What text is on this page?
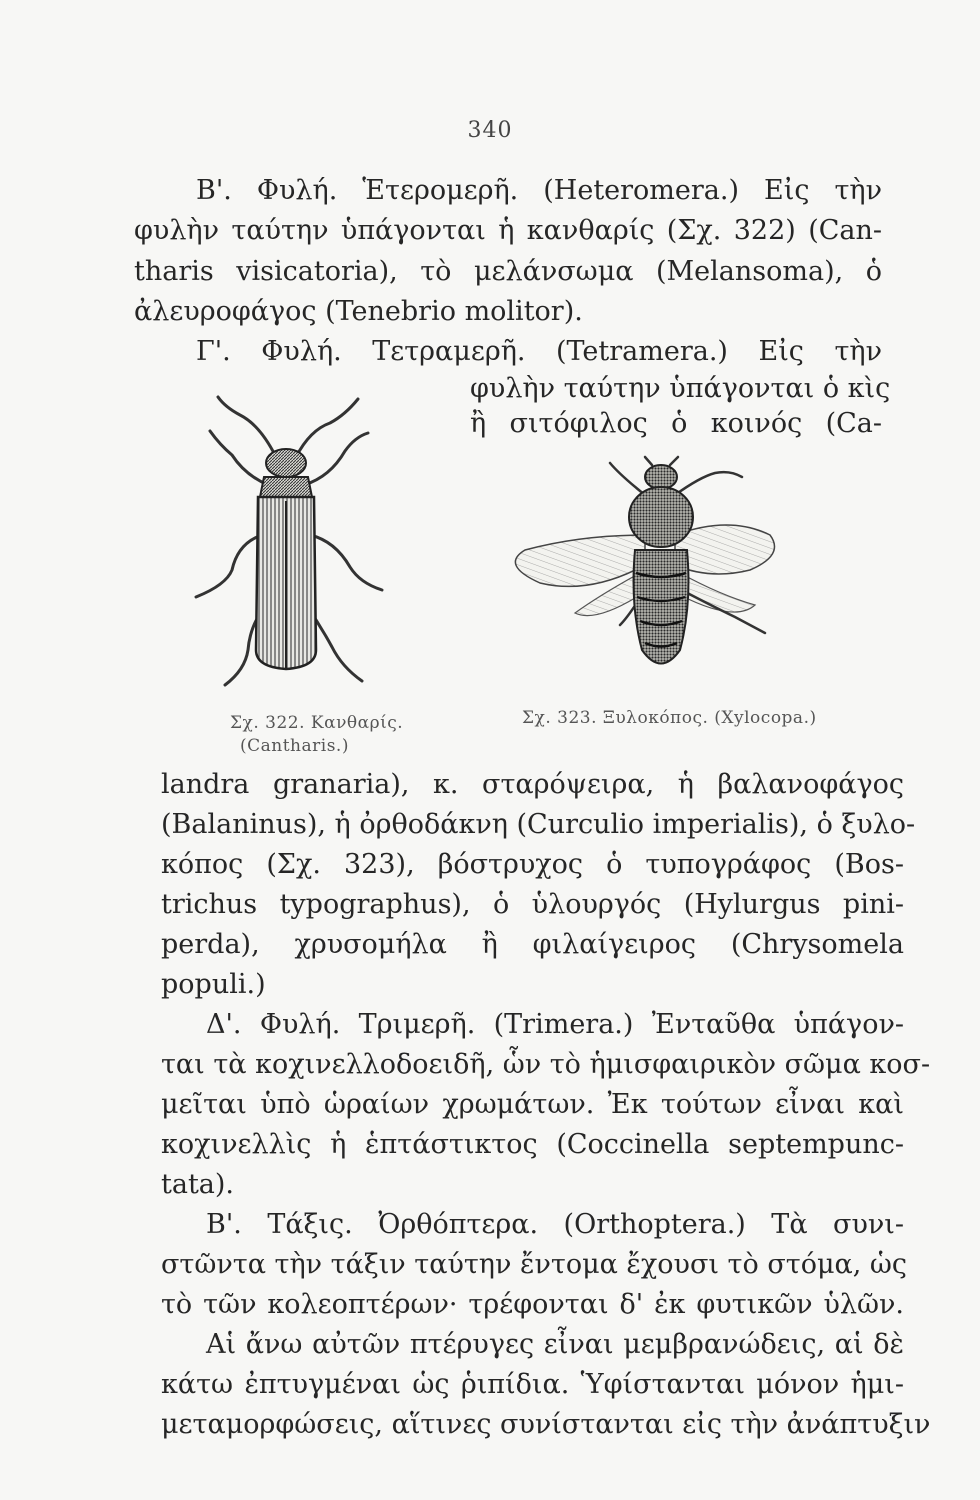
340
Β'. Φυλή. Ἑτερομερῆ. (Heteromera.) Εἰς τὴν
φυλὴν ταύτην ὑπάγονται ἡ κανθαρίς (Σχ. 322) (Can-
tharis visicatoria), τὸ μελάνσωμα (Melansoma), ὁ
ἀλευροφάγος (Tenebrio molitor).
Γ'. Φυλή. Τετραμερῆ. (Tetramera.) Εἰς τὴν
φυλὴν ταύτην ὑπάγονται ὁ κὶς
ἢ σιτόφιλος ὁ κοινός (Ca-
Σχ. 322. Κανθαρίς.
(Cantharis.)
Σχ. 323. Ξυλοκόπος. (Xylocopa.)
landra granaria), κ. σταρόψειρα, ἡ βαλανοφάγος
(Balaninus), ἡ ὀρθοδάκνη (Curculio imperialis), ὁ ξυλο-
κόπος (Σχ. 323), βόστρυχος ὁ τυπογράφος (Bos-
trichus typographus), ὁ ὑλουργός (Hylurgus pini-
perda), χρυσομήλα ἢ φιλαίγειρος (Chrysomela
populi.)
Δ'. Φυλή. Τριμερῆ. (Trimera.) Ἐνταῦθα ὑπάγον-
ται τὰ κοχινελλοδοειδῆ, ὧν τὸ ἡμισφαιρικὸν σῶμα κοσ-
μεῖται ὑπὸ ὡραίων χρωμάτων. Ἐκ τούτων εἶναι καὶ
κοχινελλὶς ἡ ἑπτάστικτος (Coccinella septempunc-
tata).
Β'. Τάξις. Ὀρθόπτερα. (Orthoptera.) Τὰ συνι-
στῶντα τὴν τάξιν ταύτην ἔντομα ἔχουσι τὸ στόμα, ὡς
τὸ τῶν κολεοπτέρων· τρέφονται δ' ἐκ φυτικῶν ὑλῶν.
Αἱ ἄνω αὐτῶν πτέρυγες εἶναι μεμβρανώδεις, αἱ δὲ
κάτω ἐπτυγμέναι ὡς ῥιπίδια. Ὑφίστανται μόνον ἡμι-
μεταμορφώσεις, αἵτινες συνίστανται εἰς τὴν ἀνάπτυξιν
